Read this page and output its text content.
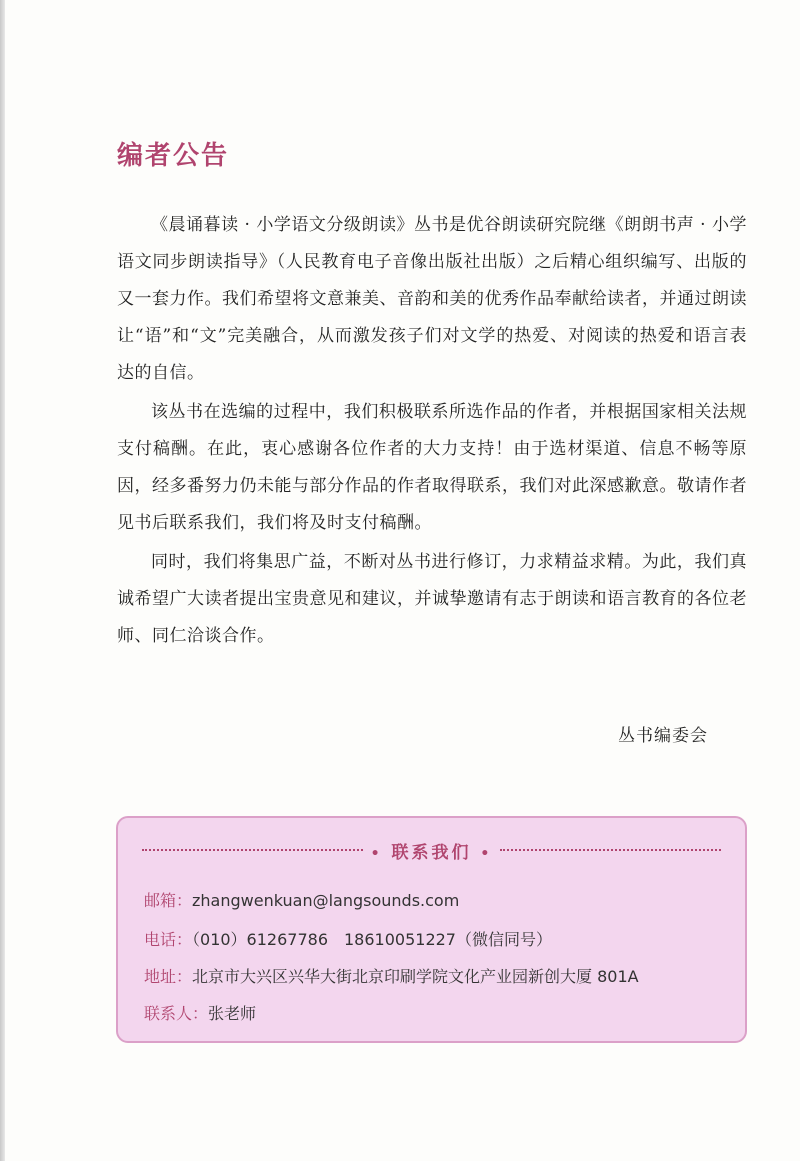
编者公告

《晨诵暮读 · 小学语文分级朗读》丛书是优谷朗读研究院继《朗朗书声 · 小学语文同步朗读指导》（人民教育电子音像出版社出版）之后精心组织编写、出版的又一套力作。我们希望将文意兼美、音韵和美的优秀作品奉献给读者，并通过朗读让“语”和“文”完美融合，从而激发孩子们对文学的热爱、对阅读的热爱和语言表达的自信。

该丛书在选编的过程中，我们积极联系所选作品的作者，并根据国家相关法规支付稿酬。在此，衷心感谢各位作者的大力支持！由于选材渠道、信息不畅等原因，经多番努力仍未能与部分作品的作者取得联系，我们对此深感歉意。敬请作者见书后联系我们，我们将及时支付稿酬。

同时，我们将集思广益，不断对丛书进行修订，力求精益求精。为此，我们真诚希望广大读者提出宝贵意见和建议，并诚挚邀请有志于朗读和语言教育的各位老师、同仁洽谈合作。

丛书编委会

• 联系我们 •
邮箱：zhangwenkuan@langsounds.com
电话：（010）61267786 18610051227（微信同号）
地址：北京市大兴区兴华大街北京印刷学院文化产业园新创大厦 801A
联系人：张老师
